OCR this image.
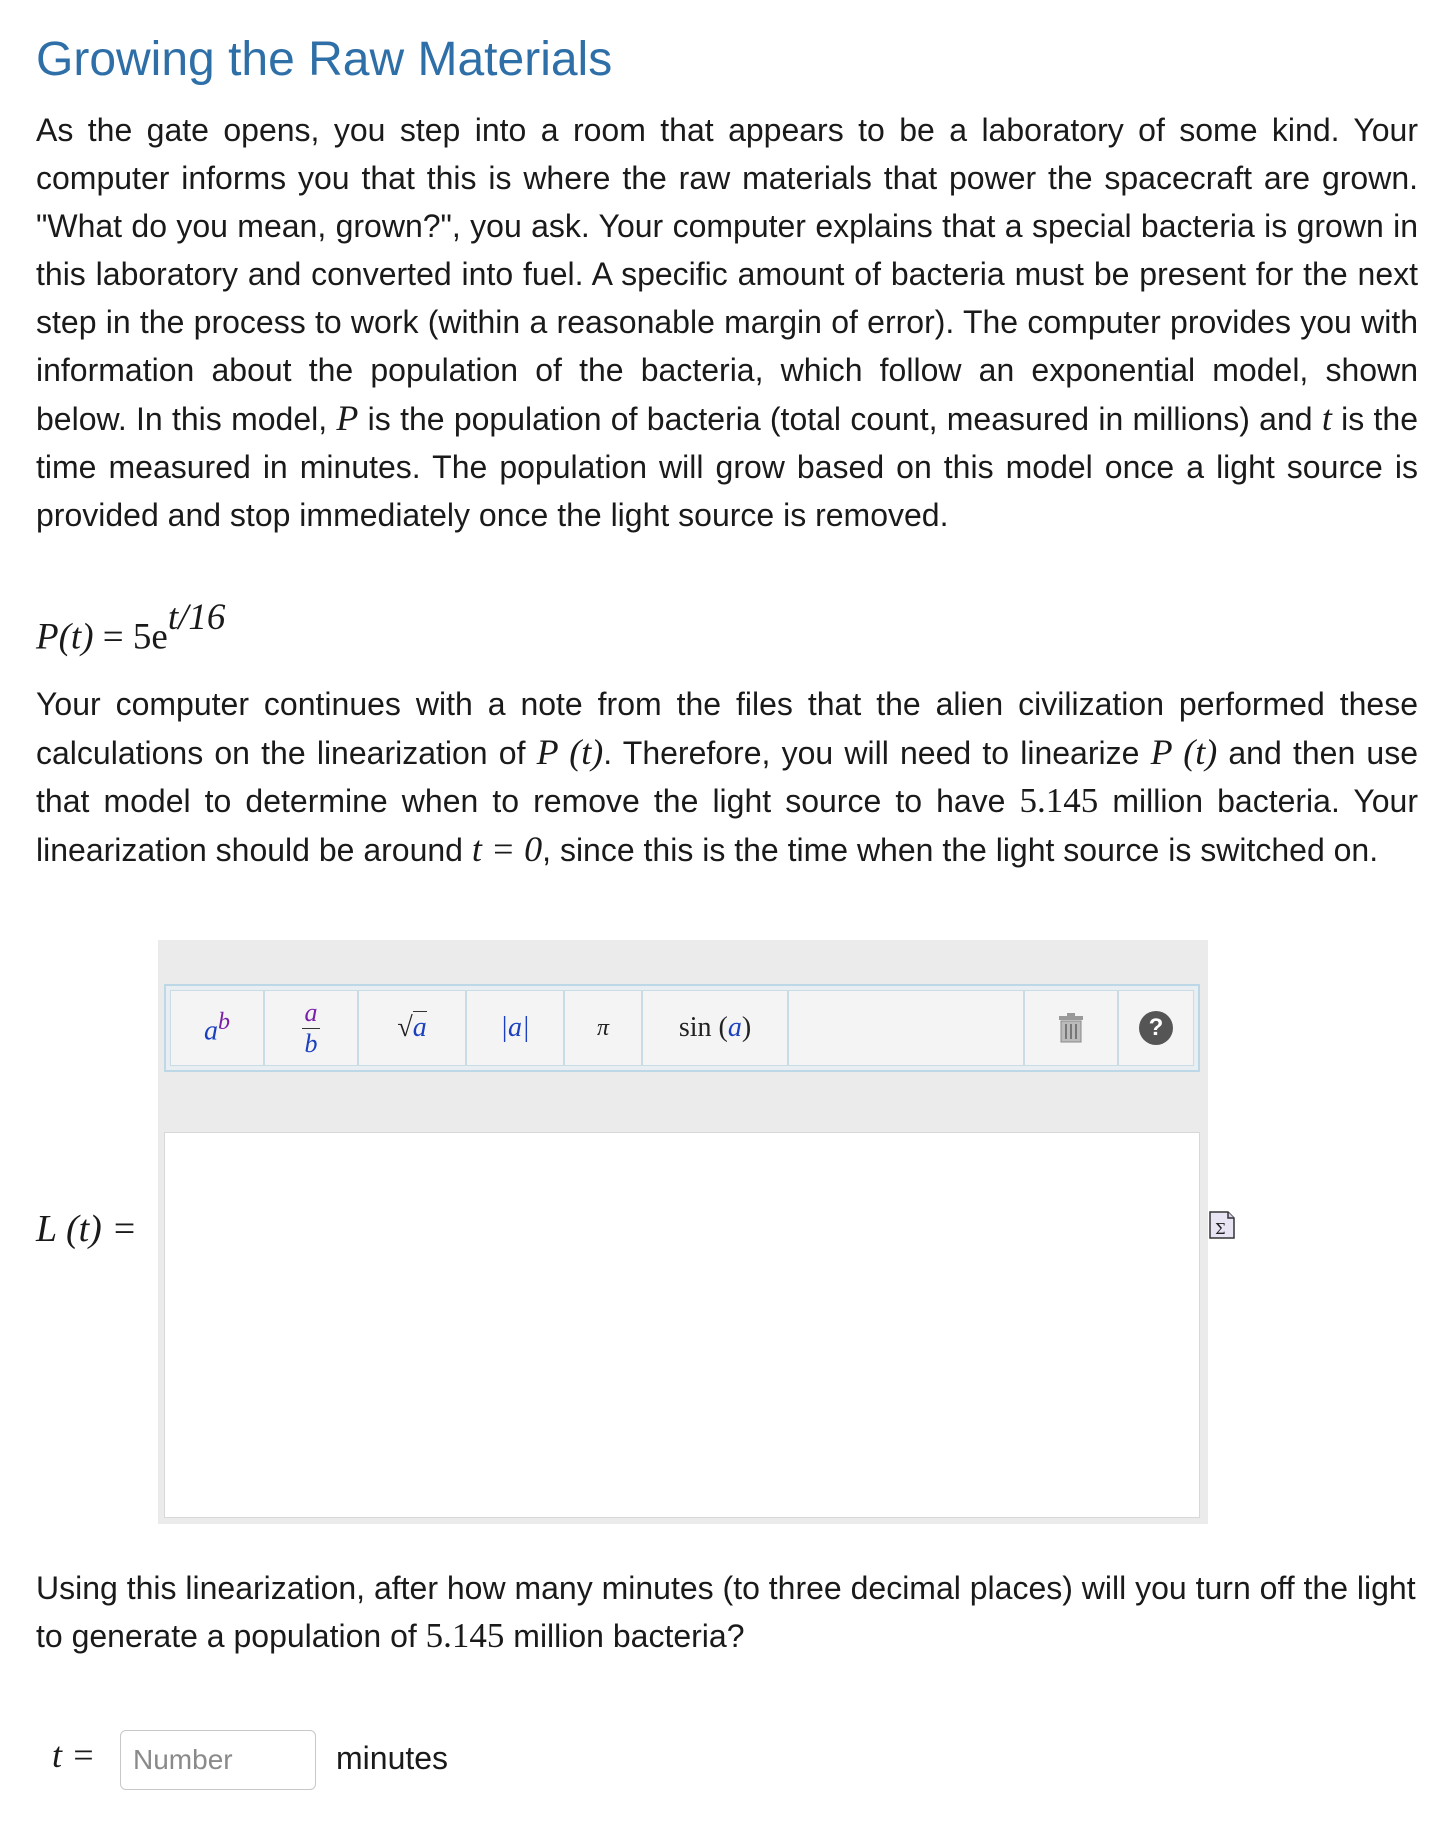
Growing the Raw Materials

As the gate opens, you step into a room that appears to be a laboratory of some kind. Your computer informs you that this is where the raw materials that power the spacecraft are grown. "What do you mean, grown?", you ask. Your computer explains that a special bacteria is grown in this laboratory and converted into fuel. A specific amount of bacteria must be present for the next step in the process to work (within a reasonable margin of error). The computer provides you with information about the population of the bacteria, which follow an exponential model, shown below. In this model, P is the population of bacteria (total count, measured in millions) and t is the time measured in minutes. The population will grow based on this model once a light source is provided and stop immediately once the light source is removed.

$P(t) = 5e^{t/16}$

Your computer continues with a note from the files that the alien civilization performed these calculations on the linearization of P (t). Therefore, you will need to linearize P (t) and then use that model to determine when to remove the light source to have 5.145 million bacteria. Your linearization should be around t = 0, since this is the time when the light source is switched on.

L (t) =
$a^b$	$\frac{a}{b}$	√a	|a|	π sin (a)	?
Σ

Using this linearization, after how many minutes (to three decimal places) will you turn off the light to generate a population of 5.145 million bacteria?

t =
Number	minutes
